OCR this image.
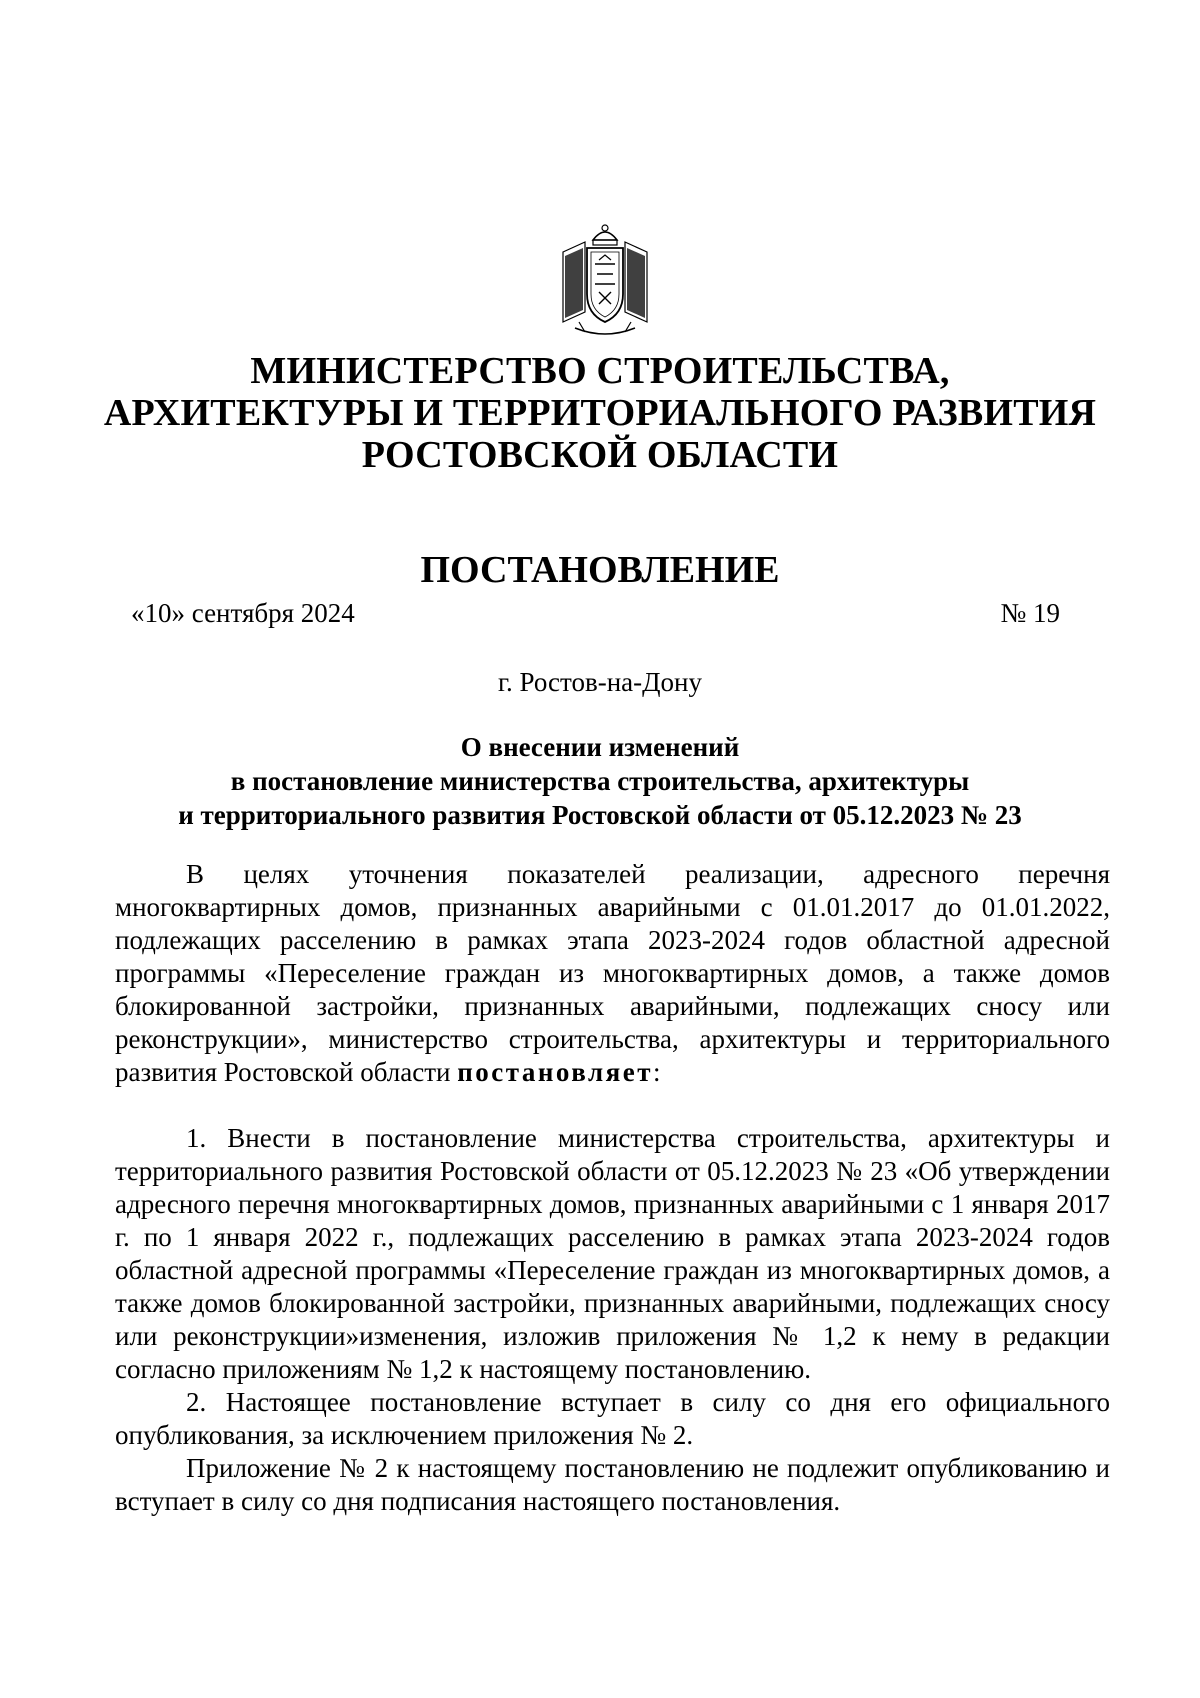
МИНИСТЕРСТВО СТРОИТЕЛЬСТВА,
АРХИТЕКТУРЫ И ТЕРРИТОРИАЛЬНОГО РАЗВИТИЯ
РОСТОВСКОЙ ОБЛАСТИ
ПОСТАНОВЛЕНИЕ
«10» сентября 2024	№ 19
г. Ростов-на-Дону
О внесении изменений
в постановление министерства строительства, архитектуры
и территориального развития Ростовской области от 05.12.2023 № 23

В целях уточнения показателей реализации, адресного перечня многоквартирных домов, признанных аварийными с 01.01.2017 до 01.01.2022, подлежащих расселению в рамках этапа 2023-2024 годов областной адресной программы «Переселение граждан из многоквартирных домов, а также домов блокированной застройки, признанных аварийными, подлежащих сносу или реконструкции», министерство строительства, архитектуры и территориального развития Ростовской области постановляет:

1. Внести в постановление министерства строительства, архитектуры и территориального развития Ростовской области от 05.12.2023 № 23 «Об утверждении адресного перечня многоквартирных домов, признанных аварийными с 1 января 2017 г. по 1 января 2022 г., подлежащих расселению в рамках этапа 2023-2024 годов областной адресной программы «Переселение граждан из многоквартирных домов, а также домов блокированной застройки, признанных аварийными, подлежащих сносу или реконструкции»изменения, изложив приложения № 1,2 к нему в редакции согласно приложениям № 1,2 к настоящему постановлению.

2. Настоящее постановление вступает в силу со дня его официального опубликования, за исключением приложения № 2.

Приложение № 2 к настоящему постановлению не подлежит опубликованию и вступает в силу со дня подписания настоящего постановления.
